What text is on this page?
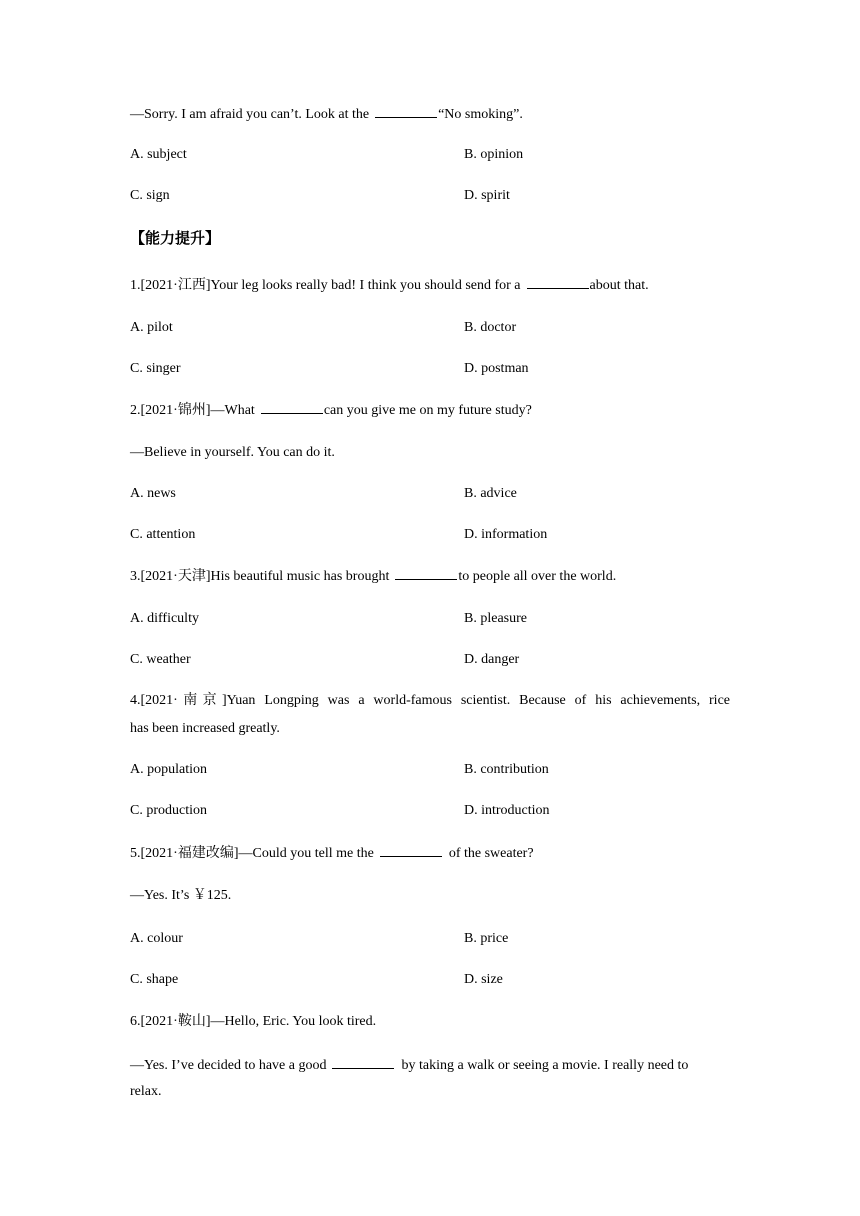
—Sorry. I am afraid you can’t. Look at the	“No smoking”.
A. subject	B. opinion
C. sign	D. spirit
【能力提升】
1.[2021·江西]Your leg looks really bad! I think you should send for a	about that.
A. pilot	B. doctor
C. singer	D. postman
2.[2021·锦州]—What	can you give me on my future study?
—Believe in yourself. You can do it.
A. news	B. advice
C. attention	D. information
3.[2021·天津]His beautiful music has brought	to people all over the world.
A. difficulty	B. pleasure
C. weather	D. danger
4.[2021·南京]Yuan Longping was a world-famous scientist. Because of his achievements, rice
has been increased greatly.
A. population	B. contribution
C. production	D. introduction
5.[2021·福建改编]—Could you tell me the	of the sweater?
—Yes. It’s ￥125.
A. colour	B. price
C. shape	D. size
6.[2021·鞍山]—Hello, Eric. You look tired.
—Yes. I’ve decided to have a good	by taking a walk or seeing a movie. I really need to
relax.
